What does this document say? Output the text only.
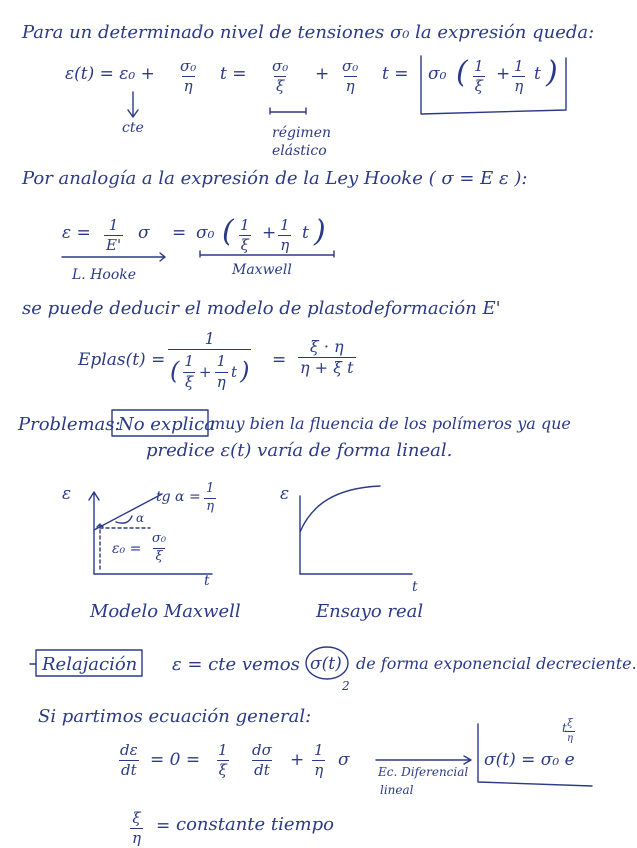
Para un determinado nivel de tensiones σ₀ la expresión queda:
$\varepsilon(t) = \varepsilon_0 + \frac{\text{σ₀}}{\eta}$ $t = \frac{\text{σ₀}}{\xi} + \frac{\text{σ₀}}{\eta}$ t = σ₀ ( $\frac{1}{\xi} + \frac{1}{\eta}$ t )
cte	régimen
elástico
Por analogía a la expresión de la Ley Hooke ( σ = E ε ):
$\varepsilon = \frac{1}{E'}$ σ = σ₀ ( $\frac{1}{\xi} + \frac{1}{\eta}$ t )
L. Hooke	Maxwell
se puede deducir el modelo de plastodeformación E'
Eplas(t) = $\frac{1}{( \frac{1}{\xi} + \frac{1}{\eta} t )} = \frac{\xi \cdot \eta}{\text{η + ξ t}}$
Problemas:
No explica
muy bien la fluencia de los polímeros ya que
predice ε(t) varía de forma lineal.
ε	tg $\alpha = \frac{1}{\eta}$
α
$\varepsilon_0 = \frac{\text{σ₀}}{\xi}$
t
Modelo Maxwell
ε
t
Ensayo real
Relajación ε = cte vemos σ(t)
2
de forma exponencial decreciente.
Si partimos ecuación general:
$\frac{d\varepsilon}{dt} = 0 = \frac{1}{\xi} \frac{d\sigma}{dt} + \frac{1}{\eta}$ σ
Ec. Diferencial
lineal
σ(t) = σ₀ e
t
$\frac{\xi}{\eta}$
$\frac{\xi}{\eta}$ = constante tiempo
